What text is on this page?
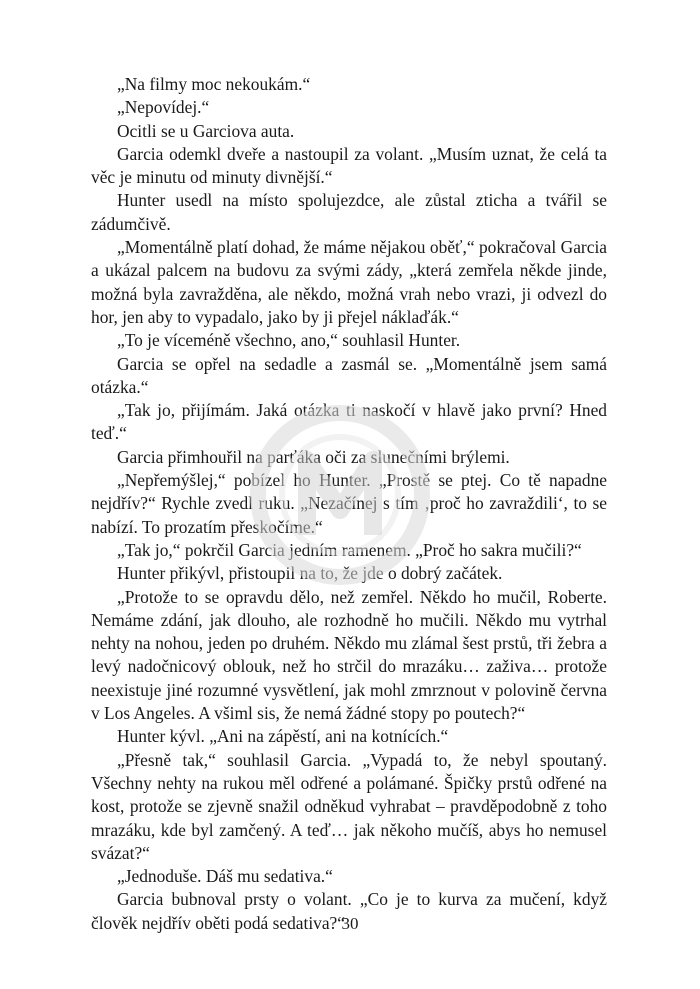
„Na filmy moc nekoukám.“

„Nepovídej.“

Ocitli se u Garciova auta.

Garcia odemkl dveře a nastoupil za volant. „Musím uznat, že celá ta věc je minutu od minuty divnější.“

Hunter usedl na místo spolujezdce, ale zůstal zticha a tvářil se zádumčivě.

„Momentálně platí dohad, že máme nějakou oběť,“ pokračoval Garcia a ukázal palcem na budovu za svými zády, „která zemřela někde jinde, možná byla zavražděna, ale někdo, možná vrah nebo vrazi, ji odvezl do hor, jen aby to vypadalo, jako by ji přejel náklaďák.“

„To je víceméně všechno, ano,“ souhlasil Hunter.

Garcia se opřel na sedadle a zasmál se. „Momentálně jsem samá otázka.“

„Tak jo, přijímám. Jaká otázka ti naskočí v hlavě jako první? Hned teď.“

Garcia přimhouřil na parťáka oči za slunečními brýlemi.

„Nepřemýšlej,“ pobízel ho Hunter. „Prostě se ptej. Co tě napadne nejdřív?“ Rychle zvedl ruku. „Nezačínej s tím ‚proč ho zavraždili‘, to se nabízí. To prozatím přeskočíme.“

„Tak jo,“ pokrčil Garcia jedním ramenem. „Proč ho sakra mučili?“

Hunter přikývl, přistoupil na to, že jde o dobrý začátek.

„Protože to se opravdu dělo, než zemřel. Někdo ho mučil, Roberte. Nemáme zdání, jak dlouho, ale rozhodně ho mučili. Někdo mu vytrhal nehty na nohou, jeden po druhém. Někdo mu zlámal šest prstů, tři žebra a levý nadočnicový oblouk, než ho strčil do mrazáku… zaživa… protože neexistuje jiné rozumné vysvětlení, jak mohl zmrznout v polovině června v Los Angeles. A všiml sis, že nemá žádné stopy po poutech?“

Hunter kývl. „Ani na zápěstí, ani na kotnících.“

„Přesně tak,“ souhlasil Garcia. „Vypadá to, že nebyl spoutaný. Všechny nehty na rukou měl odřené a polámané. Špičky prstů odřené na kost, protože se zjevně snažil odněkud vyhrabat – pravděpodobně z toho mrazáku, kde byl zamčený. A teď… jak někoho mučíš, abys ho nemusel svázat?“

„Jednoduše. Dáš mu sedativa.“

Garcia bubnoval prsty o volant. „Co je to kurva za mučení, když člověk nejdřív oběti podá sedativa?“

30
